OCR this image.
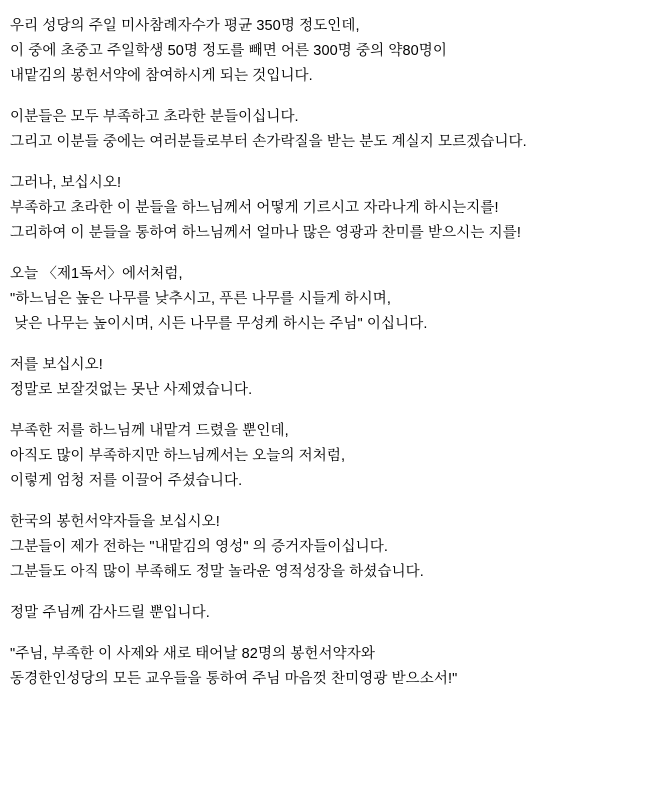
우리 성당의 주일 미사참례자수가 평균 350명 정도인데,
이 중에 초중고 주일학생 50명 정도를 빼면 어른 300명 중의 약80명이
내맡김의 봉헌서약에 참여하시게 되는 것입니다.
이분들은 모두 부족하고 초라한 분들이십니다.
그리고 이분들 중에는 여러분들로부터 손가락질을 받는 분도 계실지 모르겠습니다.
그러나, 보십시오!
부족하고 초라한 이 분들을 하느님께서 어떻게 기르시고 자라나게 하시는지를!
그리하여 이 분들을 통하여 하느님께서 얼마나 많은 영광과 찬미를 받으시는 지를!
오늘 〈제1독서〉에서처럼,
"하느님은 높은 나무를 낮추시고, 푸른 나무를 시들게 하시며,
낮은 나무는 높이시며, 시든 나무를 무성케 하시는 주님" 이십니다.
저를 보십시오!
정말로 보잘것없는 못난 사제였습니다.
부족한 저를 하느님께 내맡겨 드렸을 뿐인데,
아직도 많이 부족하지만 하느님께서는 오늘의 저처럼,
이렇게 엄청 저를 이끌어 주셨습니다.
한국의 봉헌서약자들을 보십시오!
그분들이 제가 전하는 "내맡김의 영성" 의 증거자들이십니다.
그분들도 아직 많이 부족해도 정말 놀라운 영적성장을 하셨습니다.
정말 주님께 감사드릴 뿐입니다.
"주님, 부족한 이 사제와 새로 태어날 82명의 봉헌서약자와
동경한인성당의 모든 교우들을 통하여 주님 마음껏 찬미영광 받으소서!"
